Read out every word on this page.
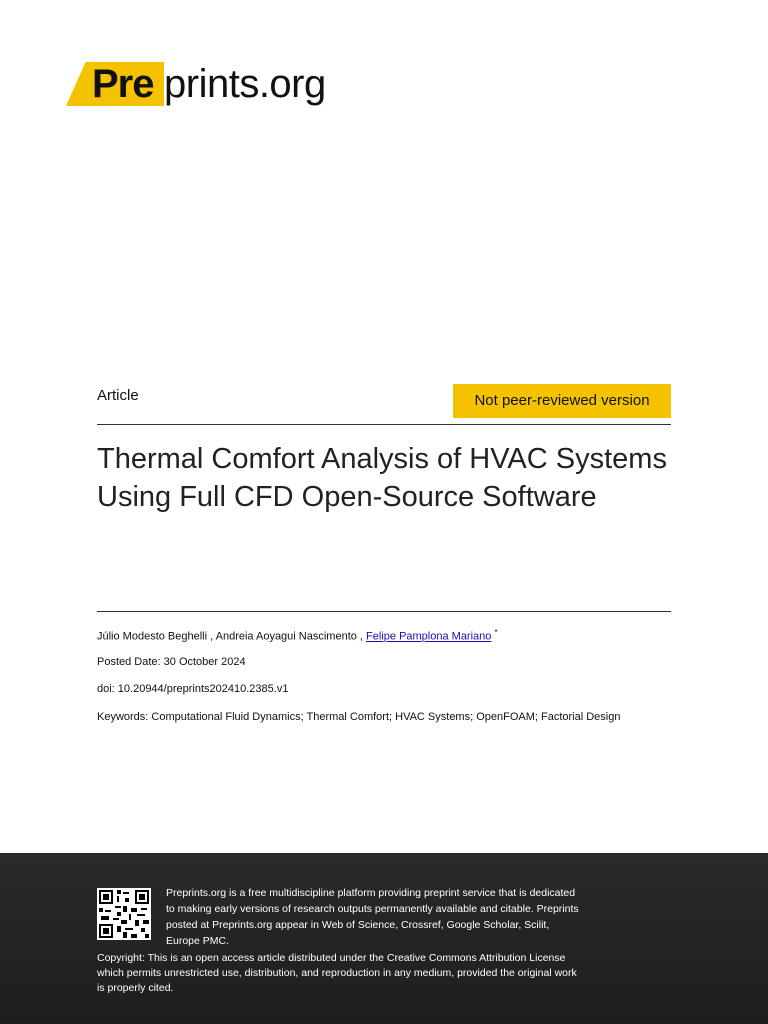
Pre prints.org
Article	Not peer-reviewed version
Thermal Comfort Analysis of HVAC Systems Using Full CFD Open-Source Software
Júlio Modesto Beghelli , Andreia Aoyagui Nascimento , Felipe Pamplona Mariano *
Posted Date: 30 October 2024
doi: 10.20944/preprints202410.2385.v1
Keywords: Computational Fluid Dynamics; Thermal Comfort; HVAC Systems; OpenFOAM; Factorial Design
Preprints.org is a free multidiscipline platform providing preprint service that is dedicated to making early versions of research outputs permanently available and citable. Preprints posted at Preprints.org appear in Web of Science, Crossref, Google Scholar, Scilit, Europe PMC.
Copyright: This is an open access article distributed under the Creative Commons Attribution License which permits unrestricted use, distribution, and reproduction in any medium, provided the original work is properly cited.
